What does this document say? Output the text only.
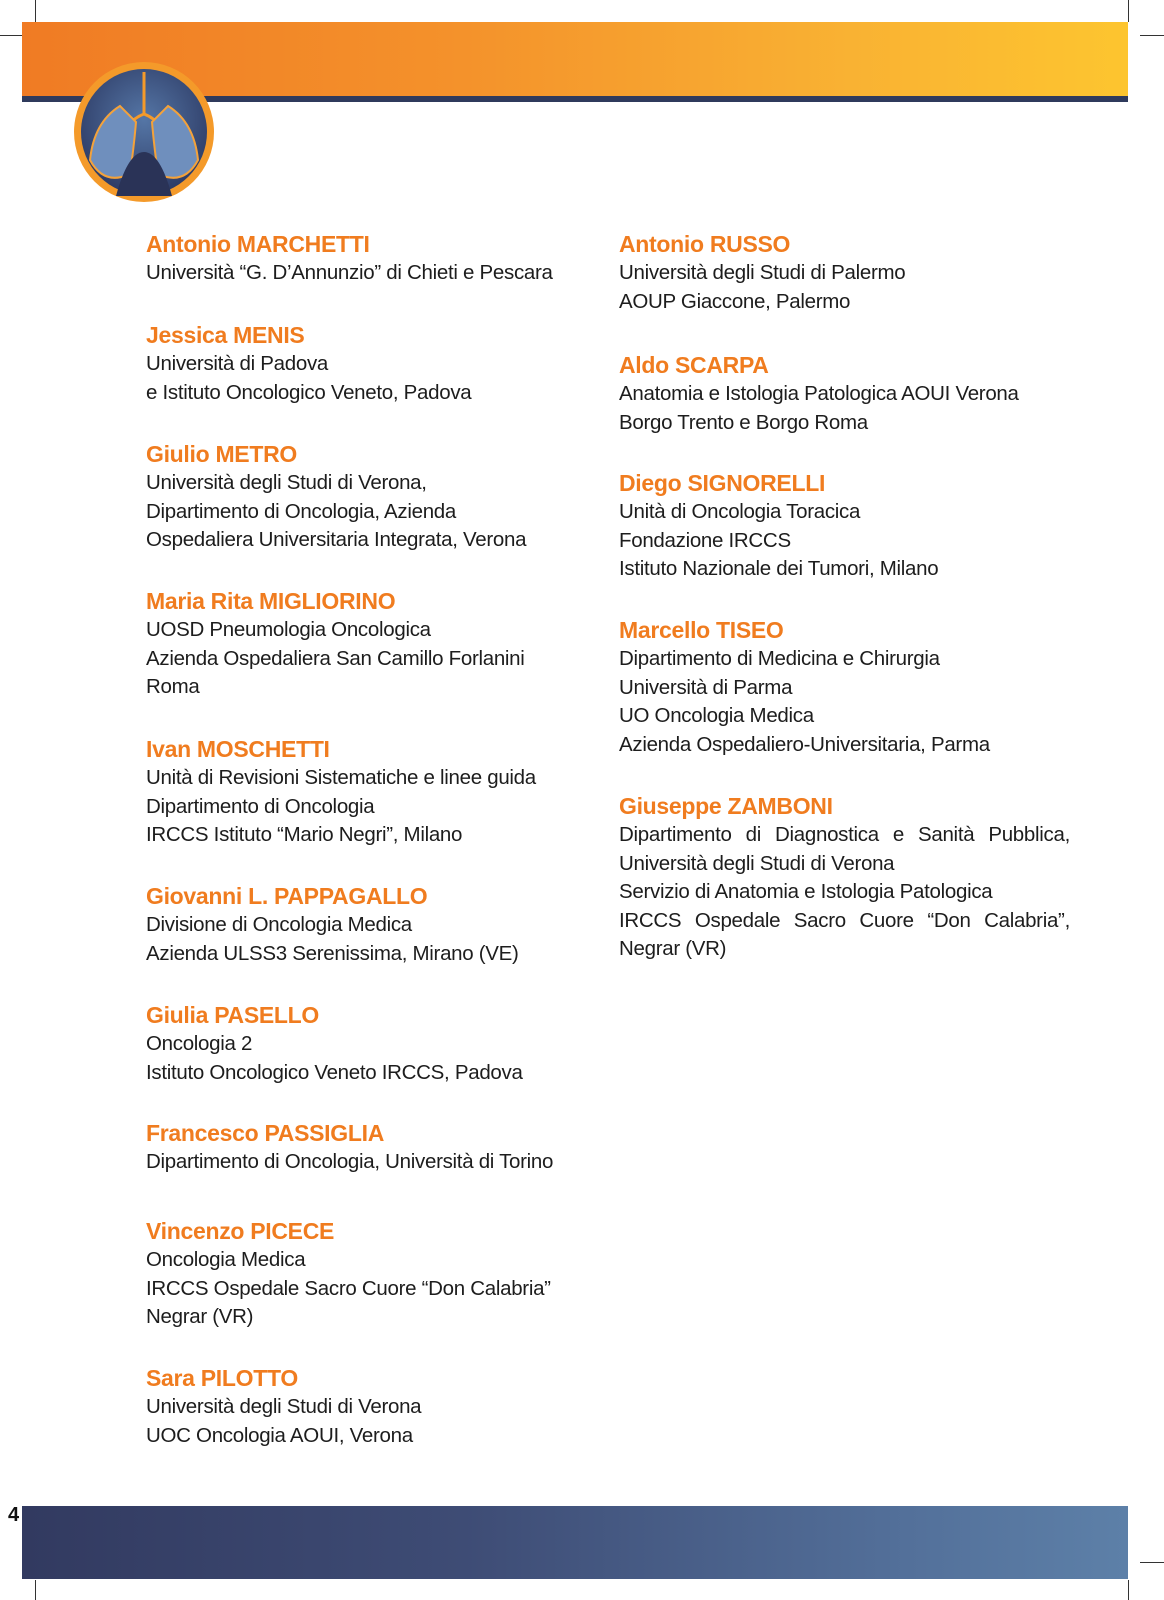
Antonio MARCHETTI
Università “G. D’Annunzio” di Chieti e Pescara
Jessica MENIS
Università di Padova
e Istituto Oncologico Veneto, Padova
Giulio METRO
Università degli Studi di Verona,
Dipartimento di Oncologia, Azienda
Ospedaliera Universitaria Integrata, Verona
Maria Rita MIGLIORINO
UOSD Pneumologia Oncologica
Azienda Ospedaliera San Camillo Forlanini
Roma
Ivan MOSCHETTI
Unità di Revisioni Sistematiche e linee guida
Dipartimento di Oncologia
IRCCS Istituto “Mario Negri”, Milano
Giovanni L. PAPPAGALLO
Divisione di Oncologia Medica
Azienda ULSS3 Serenissima, Mirano (VE)
Giulia PASELLO
Oncologia 2
Istituto Oncologico Veneto IRCCS, Padova
Francesco PASSIGLIA
Dipartimento di Oncologia, Università di Torino
Vincenzo PICECE
Oncologia Medica
IRCCS Ospedale Sacro Cuore “Don Calabria”
Negrar (VR)
Sara PILOTTO
Università degli Studi di Verona
UOC Oncologia AOUI, Verona
Antonio RUSSO
Università degli Studi di Palermo
AOUP Giaccone, Palermo
Aldo SCARPA
Anatomia e Istologia Patologica AOUI Verona
Borgo Trento e Borgo Roma
Diego SIGNORELLI
Unità di Oncologia Toracica
Fondazione IRCCS
Istituto Nazionale dei Tumori, Milano
Marcello TISEO
Dipartimento di Medicina e Chirurgia
Università di Parma
UO Oncologia Medica
Azienda Ospedaliero-Universitaria, Parma
Giuseppe ZAMBONI
Dipartimento di Diagnostica e Sanità Pubblica,
Università degli Studi di Verona
Servizio di Anatomia e Istologia Patologica
IRCCS Ospedale Sacro Cuore “Don Calabria”,
Negrar (VR)
4
